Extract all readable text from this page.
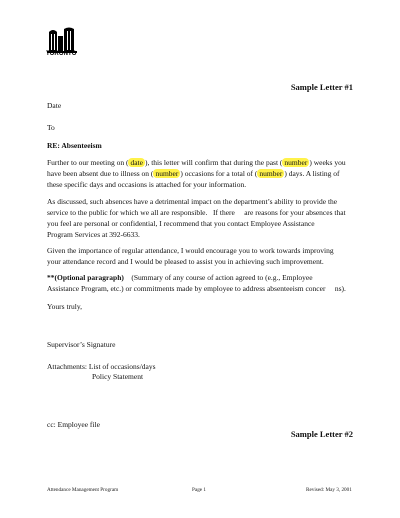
TORONTO
Sample Letter #1
Date
To
RE: Absenteeism
Further to our meeting on ( date ), this letter will confirm that during the past ( number ) weeks you
have been absent due to illness on ( number ) occasions for a total of ( number ) days. A listing of
these specific days and occasions is attached for your information.
As discussed, such absences have a detrimental impact on the department’s ability to provide the
service to the public for which we all are responsible.   If there     are reasons for your absences that
you feel are personal or confidential, I recommend that you contact Employee Assistance
Program Services at 392-6633.
Given the importance of regular attendance, I would encourage you to work towards improving
your attendance record and I would be pleased to assist you in achieving such improvement.
**(Optional paragraph)    (Summary of any course of action agreed to (e.g., Employee
Assistance Program, etc.) or commitments made by employee to address absenteeism concer     ns).
Yours truly,
Supervisor’s Signature
Attachments: List of occasions/days
Policy Statement
cc: Employee file
Sample Letter #2
Attendance Management Program	Page 1	Revised: May 3, 2001
